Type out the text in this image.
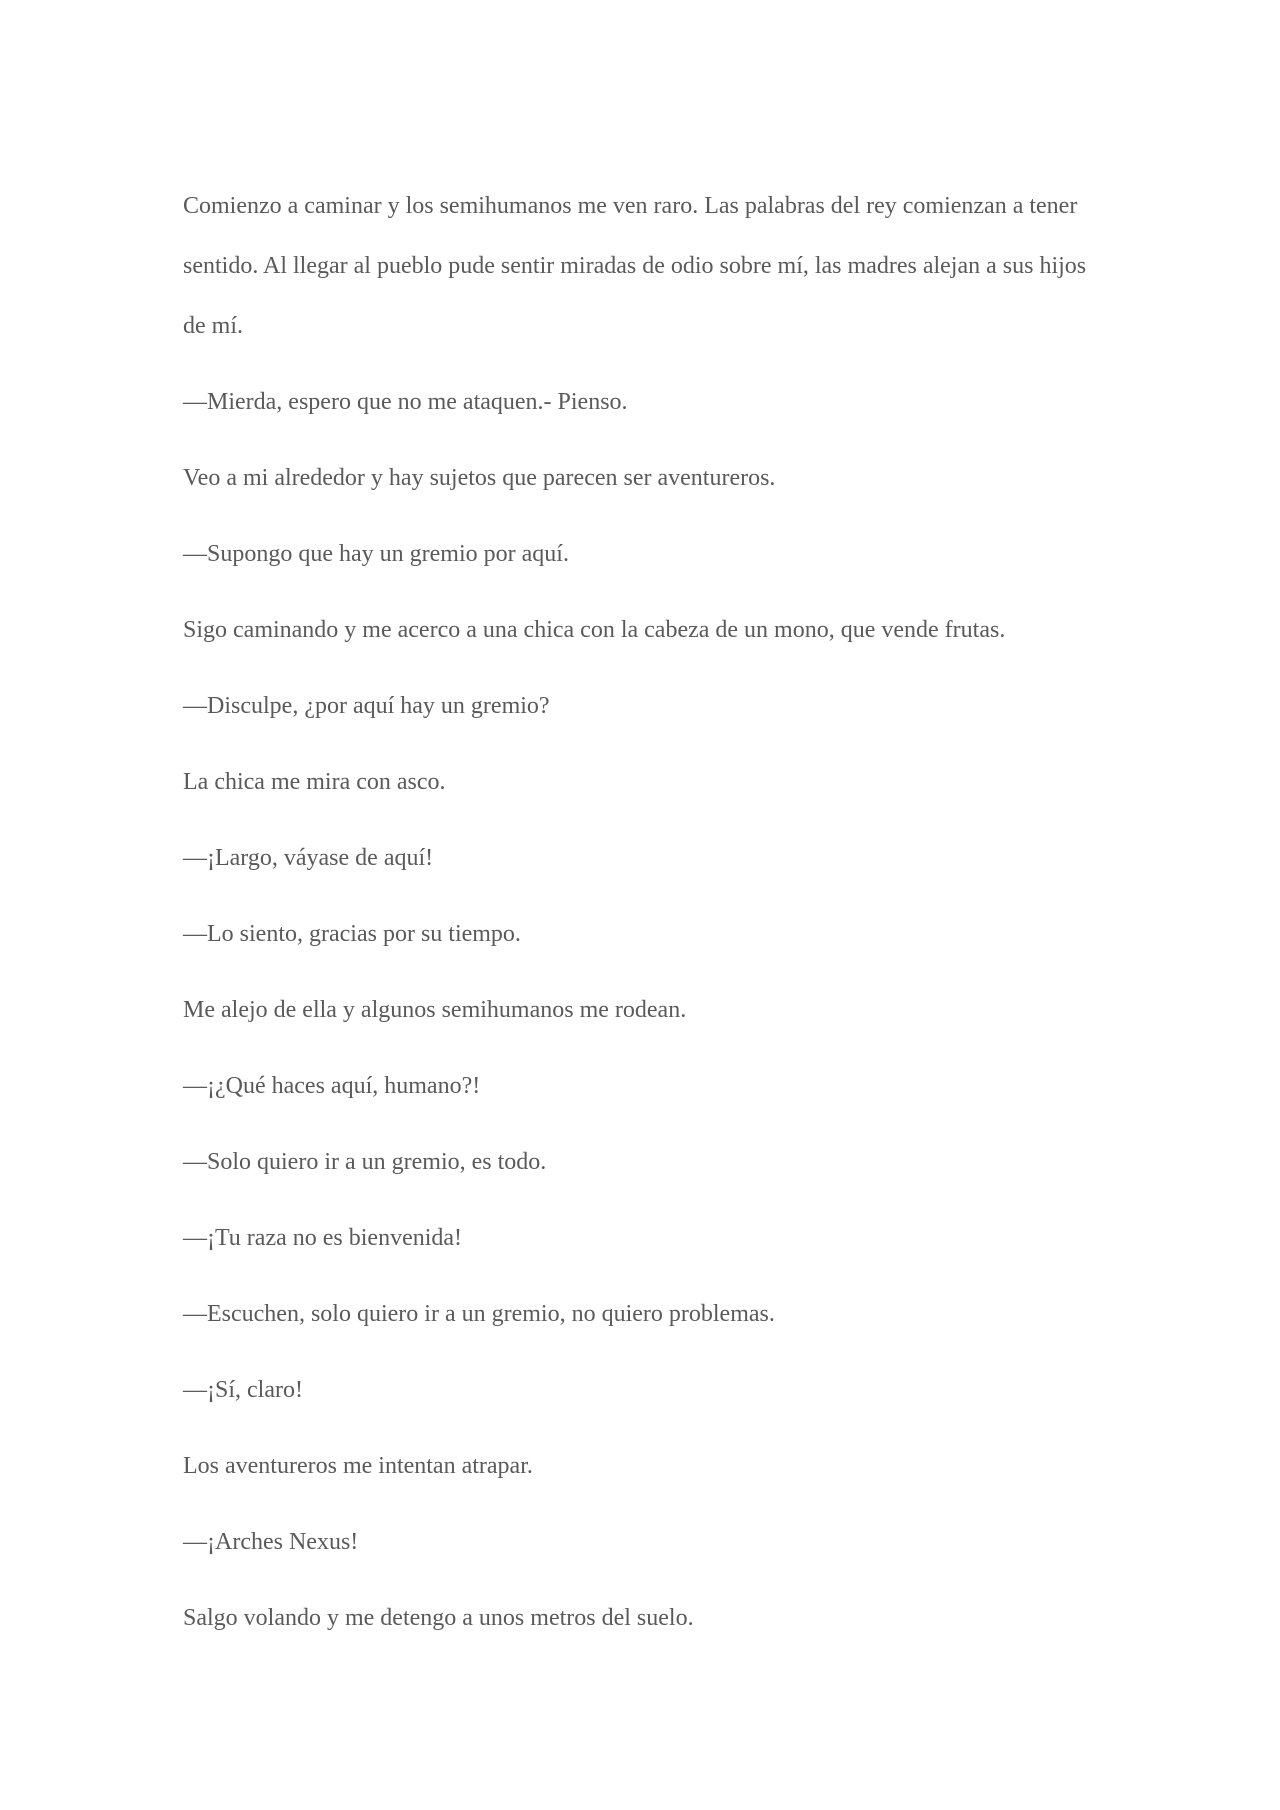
Comienzo a caminar y los semihumanos me ven raro. Las palabras del rey comienzan a tener sentido. Al llegar al pueblo pude sentir miradas de odio sobre mí, las madres alejan a sus hijos de mí.

—Mierda, espero que no me ataquen.- Pienso.

Veo a mi alrededor y hay sujetos que parecen ser aventureros.

—Supongo que hay un gremio por aquí.

Sigo caminando y me acerco a una chica con la cabeza de un mono, que vende frutas.

—Disculpe, ¿por aquí hay un gremio?

La chica me mira con asco.

—¡Largo, váyase de aquí!

—Lo siento, gracias por su tiempo.

Me alejo de ella y algunos semihumanos me rodean.

—¡¿Qué haces aquí, humano?!

—Solo quiero ir a un gremio, es todo.

—¡Tu raza no es bienvenida!

—Escuchen, solo quiero ir a un gremio, no quiero problemas.

—¡Sí, claro!

Los aventureros me intentan atrapar.

—¡Arches Nexus!

Salgo volando y me detengo a unos metros del suelo.
